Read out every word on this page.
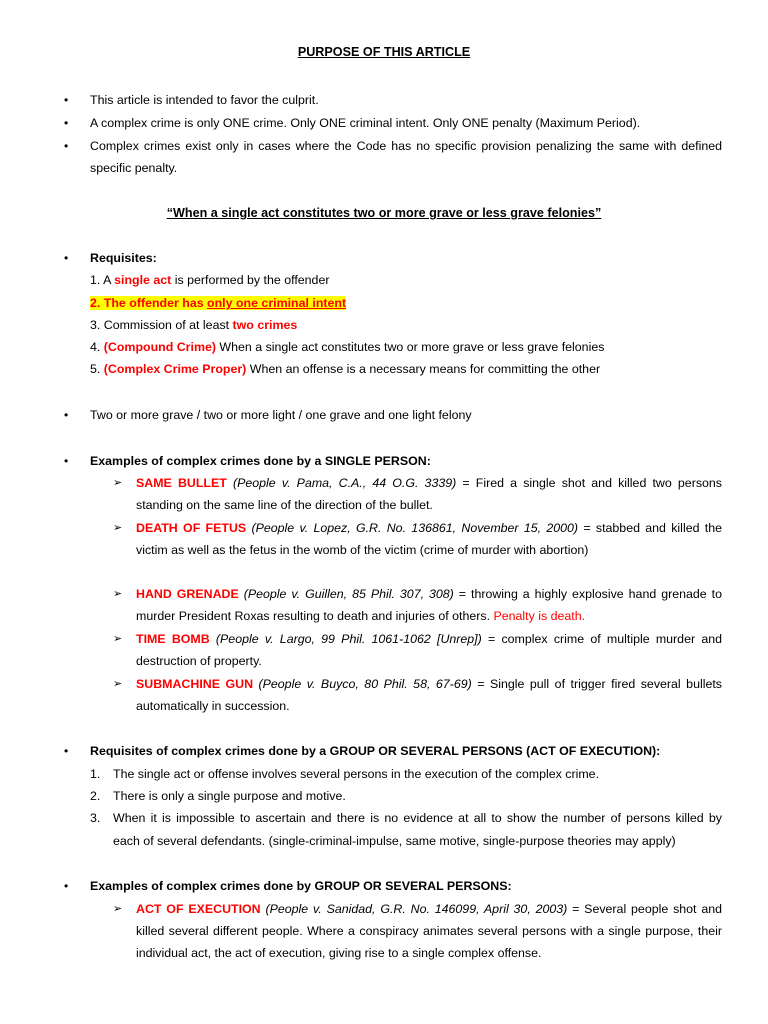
PURPOSE OF THIS ARTICLE
• This article is intended to favor the culprit.
• A complex crime is only ONE crime. Only ONE criminal intent. Only ONE penalty (Maximum Period).
• Complex crimes exist only in cases where the Code has no specific provision penalizing the same with defined
specific penalty.
“When a single act constitutes two or more grave or less grave felonies”
• Requisites:
1. A single act is performed by the offender
2. The offender has only one criminal intent
3. Commission of at least two crimes
4. (Compound Crime) When a single act constitutes two or more grave or less grave felonies
5. (Complex Crime Proper) When an offense is a necessary means for committing the other
• Two or more grave / two or more light / one grave and one light felony
• Examples of complex crimes done by a SINGLE PERSON:
➢ SAME BULLET (People v. Pama, C.A., 44 O.G. 3339) = Fired a single shot and killed two persons
standing on the same line of the direction of the bullet.
➢ DEATH OF FETUS (People v. Lopez, G.R. No. 136861, November 15, 2000) = stabbed and killed the
victim as well as the fetus in the womb of the victim (crime of murder with abortion)
➢ HAND GRENADE (People v. Guillen, 85 Phil. 307, 308) = throwing a highly explosive hand grenade to
murder President Roxas resulting to death and injuries of others. Penalty is death.
➢ TIME BOMB (People v. Largo, 99 Phil. 1061-1062 [Unrep]) = complex crime of multiple murder and
destruction of property.
➢ SUBMACHINE GUN (People v. Buyco, 80 Phil. 58, 67-69) = Single pull of trigger fired several bullets
automatically in succession.
• Requisites of complex crimes done by a GROUP OR SEVERAL PERSONS (ACT OF EXECUTION):
1. The single act or offense involves several persons in the execution of the complex crime.
2. There is only a single purpose and motive.
3. When it is impossible to ascertain and there is no evidence at all to show the number of persons killed by
each of several defendants. (single-criminal-impulse, same motive, single-purpose theories may apply)
• Examples of complex crimes done by GROUP OR SEVERAL PERSONS:
➢ ACT OF EXECUTION (People v. Sanidad, G.R. No. 146099, April 30, 2003) = Several people shot and
killed several different people. Where a conspiracy animates several persons with a single purpose, their
individual act, the act of execution, giving rise to a single complex offense.
